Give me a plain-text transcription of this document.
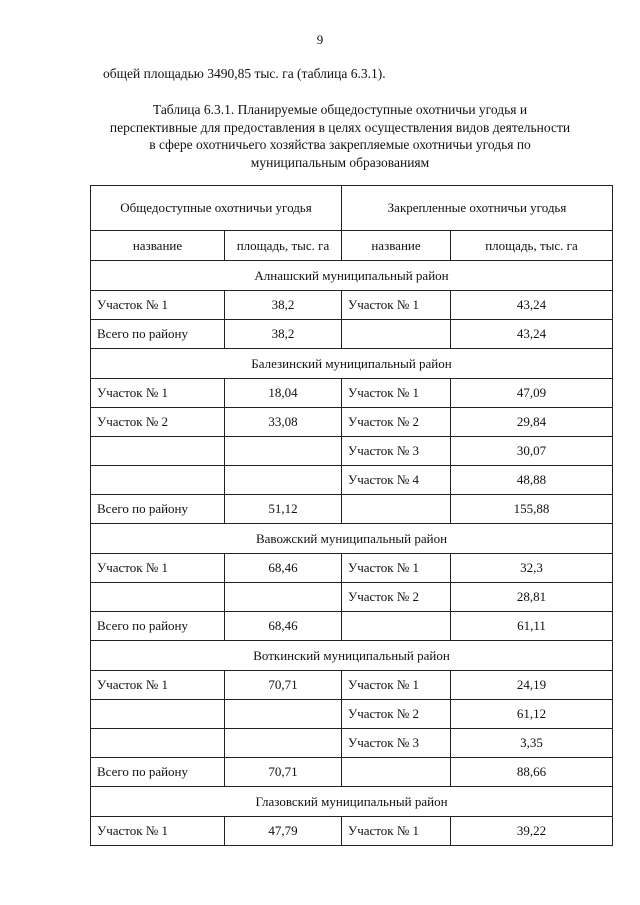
9
общей площадью 3490,85 тыс. га (таблица 6.3.1).
Таблица 6.3.1. Планируемые общедоступные охотничьи угодья и
перспективные для предоставления в целях осуществления видов деятельности
в сфере охотничьего хозяйства закрепляемые охотничьи угодья по
муниципальным образованиям
Общедоступные охотничьи угодья		Закрепленные охотничьи угодья	
название	площадь, тыс. га	название	площадь, тыс. га
Алнашский муниципальный район			
Участок № 1	38,2	Участок № 1	43,24
Всего по району	38,2		43,24
Балезинский муниципальный район			
Участок № 1	18,04	Участок № 1	47,09
Участок № 2	33,08	Участок № 2	29,84
		Участок № 3	30,07
		Участок № 4	48,88
Всего по району	51,12		155,88
Вавожский муниципальный район			
Участок № 1	68,46	Участок № 1	32,3
		Участок № 2	28,81
Всего по району	68,46		61,11
Воткинский муниципальный район			
Участок № 1	70,71	Участок № 1	24,19
		Участок № 2	61,12
		Участок № 3	3,35
Всего по району	70,71		88,66
Глазовский муниципальный район			
Участок № 1	47,79	Участок № 1	39,22
